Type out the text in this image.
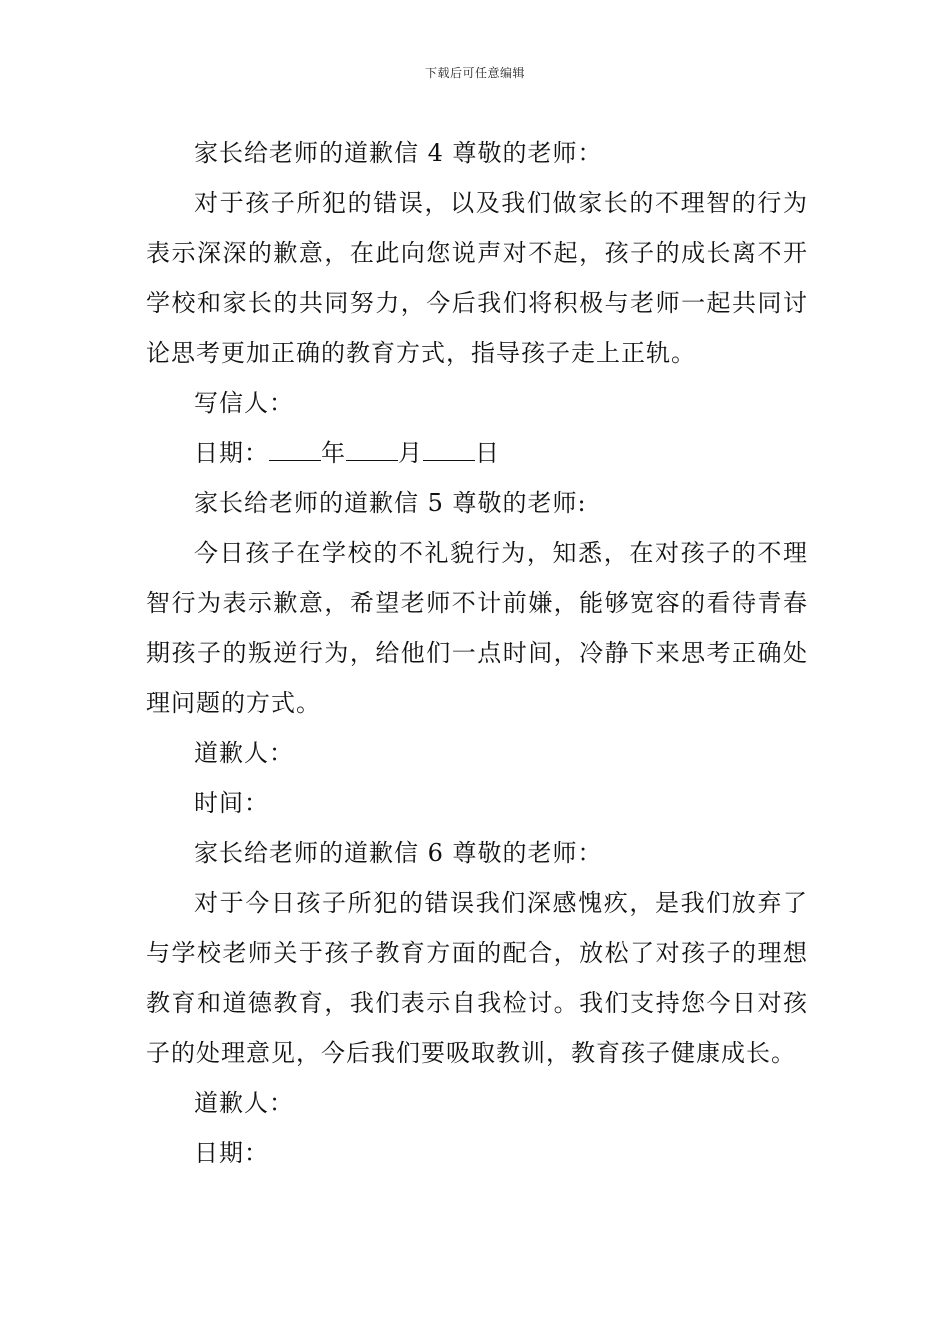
下载后可任意编辑

家长给老师的道歉信 4 尊敬的老师：

对于孩子所犯的错误，以及我们做家长的不理智的行为表示深深的歉意，在此向您说声对不起，孩子的成长离不开学校和家长的共同努力，今后我们将积极与老师一起共同讨论思考更加正确的教育方式，指导孩子走上正轨。

写信人：

日期： 年 月 日

家长给老师的道歉信 5 尊敬的老师:

今日孩子在学校的不礼貌行为，知悉，在对孩子的不理智行为表示歉意，希望老师不计前嫌，能够宽容的看待青春期孩子的叛逆行为，给他们一点时间，冷静下来思考正确处理问题的方式。

道歉人：

时间：

家长给老师的道歉信 6 尊敬的老师：

对于今日孩子所犯的错误我们深感愧疚，是我们放弃了与学校老师关于孩子教育方面的配合，放松了对孩子的理想教育和道德教育，我们表示自我检讨。我们支持您今日对孩子的处理意见，今后我们要吸取教训，教育孩子健康成长。

道歉人：

日期：
